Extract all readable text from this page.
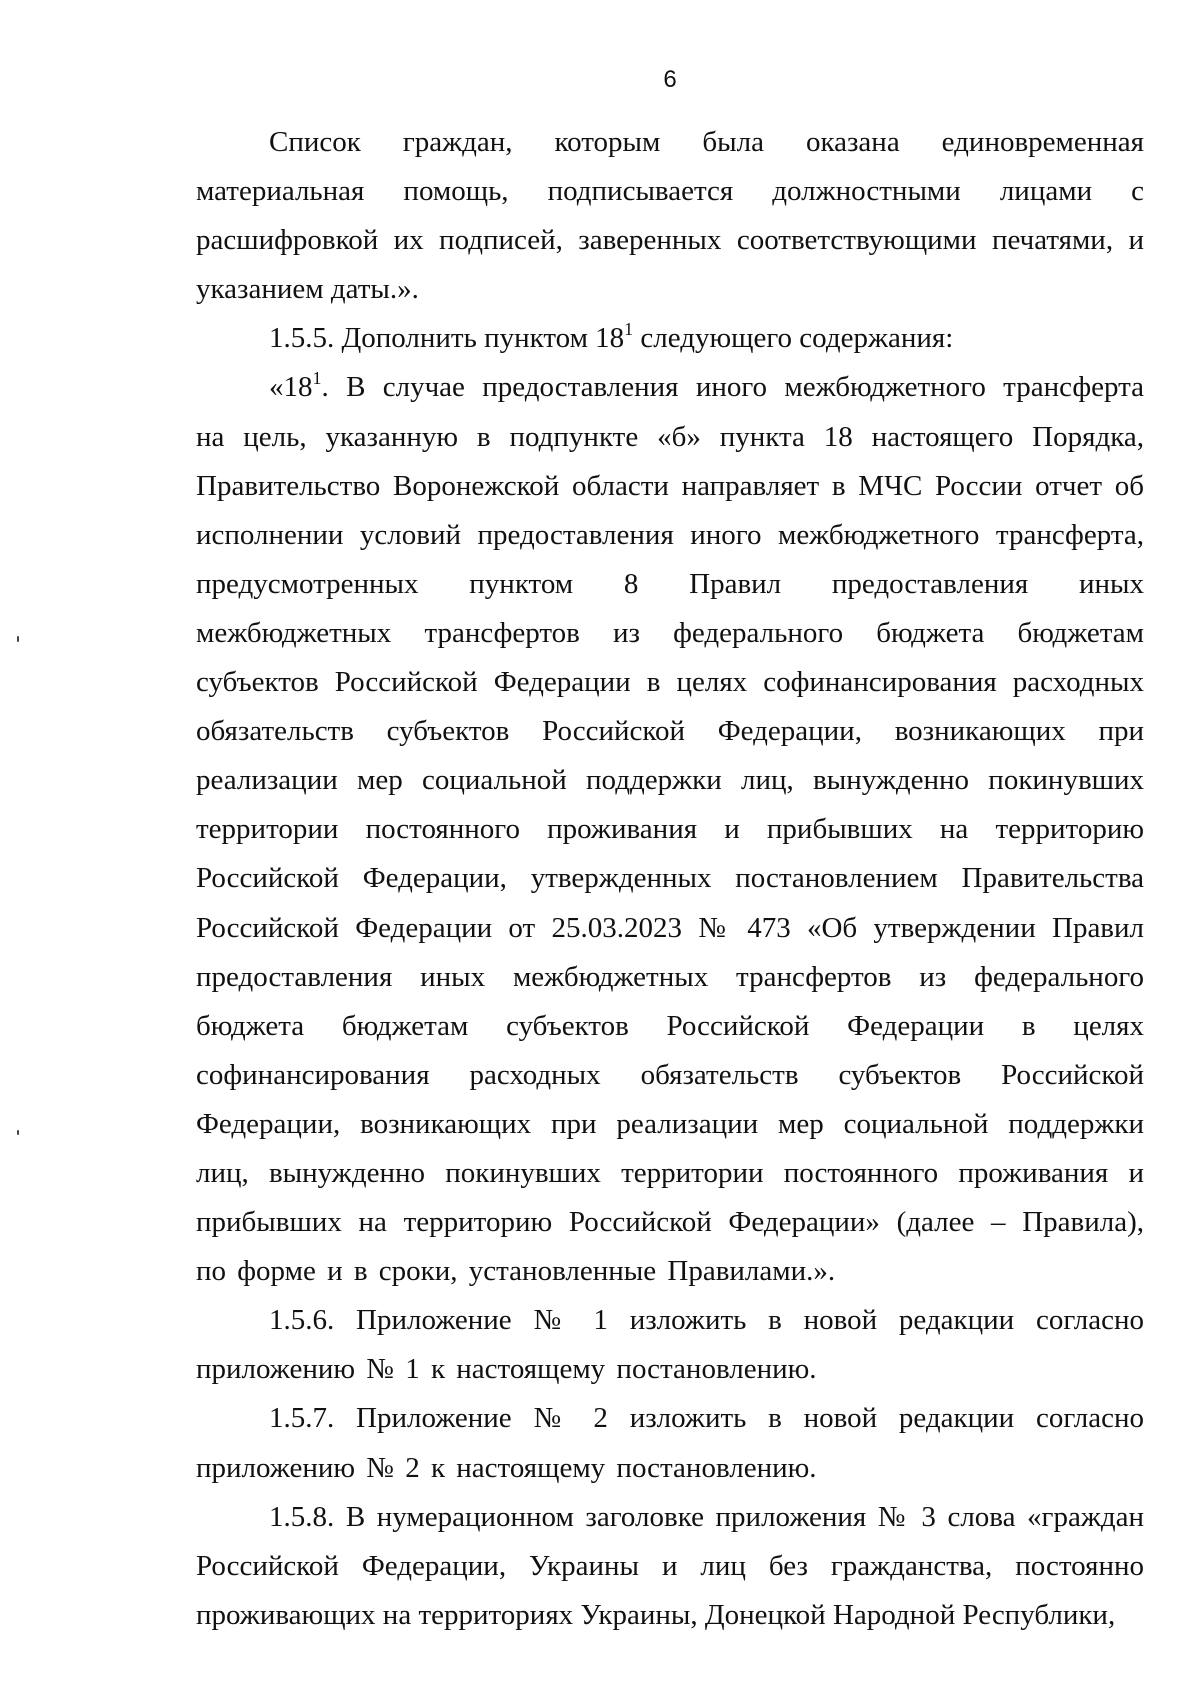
6

Список граждан, которым была оказана единовременная материальная помощь, подписывается должностными лицами с расшифровкой их подписей, заверенных соответствующими печатями, и указанием даты.».

1.5.5. Дополнить пунктом $18^1$ следующего содержания:

«$18^1$. В случае предоставления иного межбюджетного трансферта на цель, указанную в подпункте «б» пункта 18 настоящего Порядка, Правительство Воронежской области направляет в МЧС России отчет об исполнении условий предоставления иного межбюджетного трансферта, предусмотренных пунктом 8 Правил предоставления иных межбюджетных трансфертов из федерального бюджета бюджетам субъектов Российской Федерации в целях софинансирования расходных обязательств субъектов Российской Федерации, возникающих при реализации мер социальной поддержки лиц, вынужденно покинувших территории постоянного проживания и прибывших на территорию Российской Федерации, утвержденных постановлением Правительства Российской Федерации от 25.03.2023 № 473 «Об утверждении Правил предоставления иных межбюджетных трансфертов из федерального бюджета бюджетам субъектов Российской Федерации в целях софинансирования расходных обязательств субъектов Российской Федерации, возникающих при реализации мер социальной поддержки лиц, вынужденно покинувших территории постоянного проживания и прибывших на территорию Российской Федерации» (далее – Правила), по форме и в сроки, установленные Правилами.».

1.5.6. Приложение № 1 изложить в новой редакции согласно приложению № 1 к настоящему постановлению.

1.5.7. Приложение № 2 изложить в новой редакции согласно приложению № 2 к настоящему постановлению.

1.5.8. В нумерационном заголовке приложения № 3 слова «граждан Российской Федерации, Украины и лиц без гражданства, постоянно проживающих на территориях Украины, Донецкой Народной Республики,
